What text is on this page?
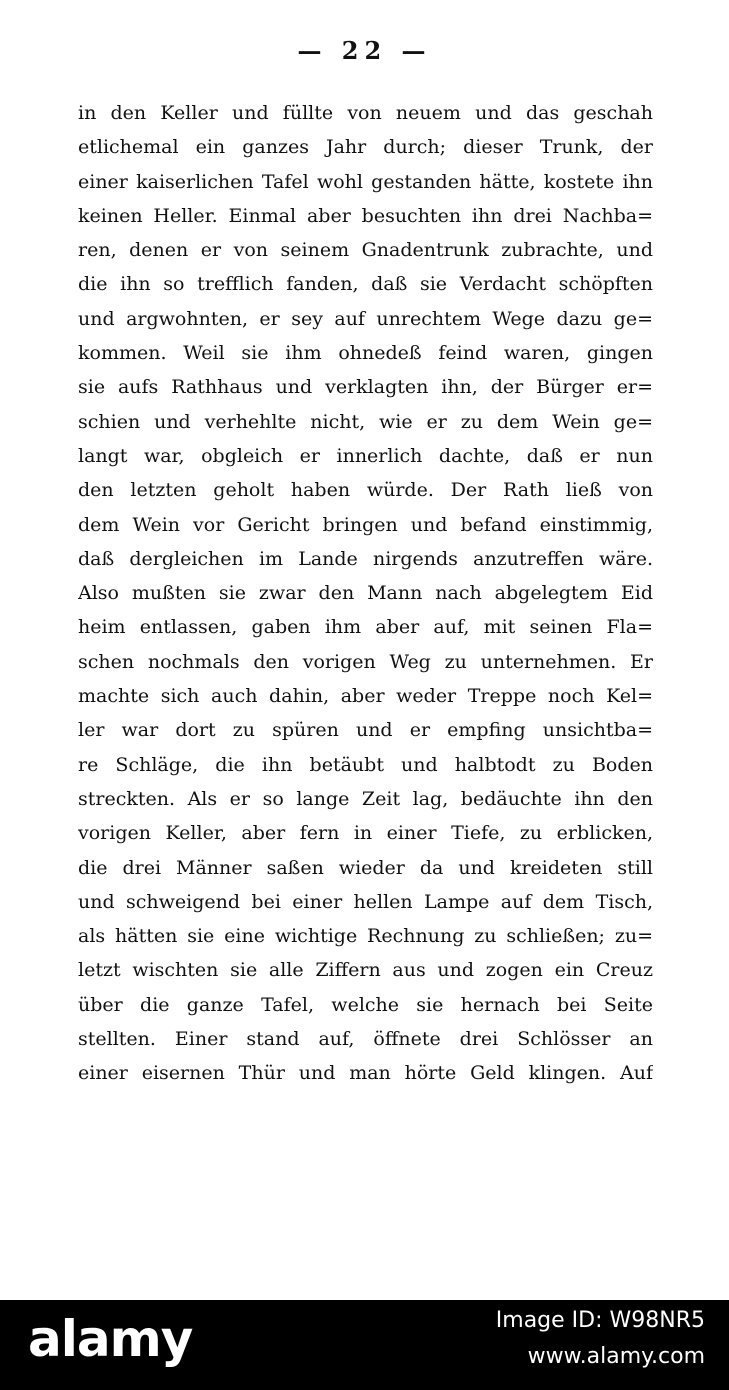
— 22 —
in den Keller und füllte von neuem und das geschah
etlichemal ein ganzes Jahr durch; dieser Trunk, der
einer kaiserlichen Tafel wohl gestanden hätte, kostete ihn
keinen Heller. Einmal aber besuchten ihn drei Nachba=
ren, denen er von seinem Gnadentrunk zubrachte, und
die ihn so trefflich fanden, daß sie Verdacht schöpften
und argwohnten, er sey auf unrechtem Wege dazu ge=
kommen. Weil sie ihm ohnedeß feind waren, gingen
sie aufs Rathhaus und verklagten ihn, der Bürger er=
schien und verhehlte nicht, wie er zu dem Wein ge=
langt war, obgleich er innerlich dachte, daß er nun
den letzten geholt haben würde. Der Rath ließ von
dem Wein vor Gericht bringen und befand einstimmig,
daß dergleichen im Lande nirgends anzutreffen wäre.
Also mußten sie zwar den Mann nach abgelegtem Eid
heim entlassen, gaben ihm aber auf, mit seinen Fla=
schen nochmals den vorigen Weg zu unternehmen. Er
machte sich auch dahin, aber weder Treppe noch Kel=
ler war dort zu spüren und er empfing unsichtba=
re Schläge, die ihn betäubt und halbtodt zu Boden
streckten. Als er so lange Zeit lag, bedäuchte ihn den
vorigen Keller, aber fern in einer Tiefe, zu erblicken,
die drei Männer saßen wieder da und kreideten still
und schweigend bei einer hellen Lampe auf dem Tisch,
als hätten sie eine wichtige Rechnung zu schließen; zu=
letzt wischten sie alle Ziffern aus und zogen ein Creuz
über die ganze Tafel, welche sie hernach bei Seite
stellten. Einer stand auf, öffnete drei Schlösser an
einer eisernen Thür und man hörte Geld klingen. Auf
alamy	Image ID: W98NR5
www.alamy.com
